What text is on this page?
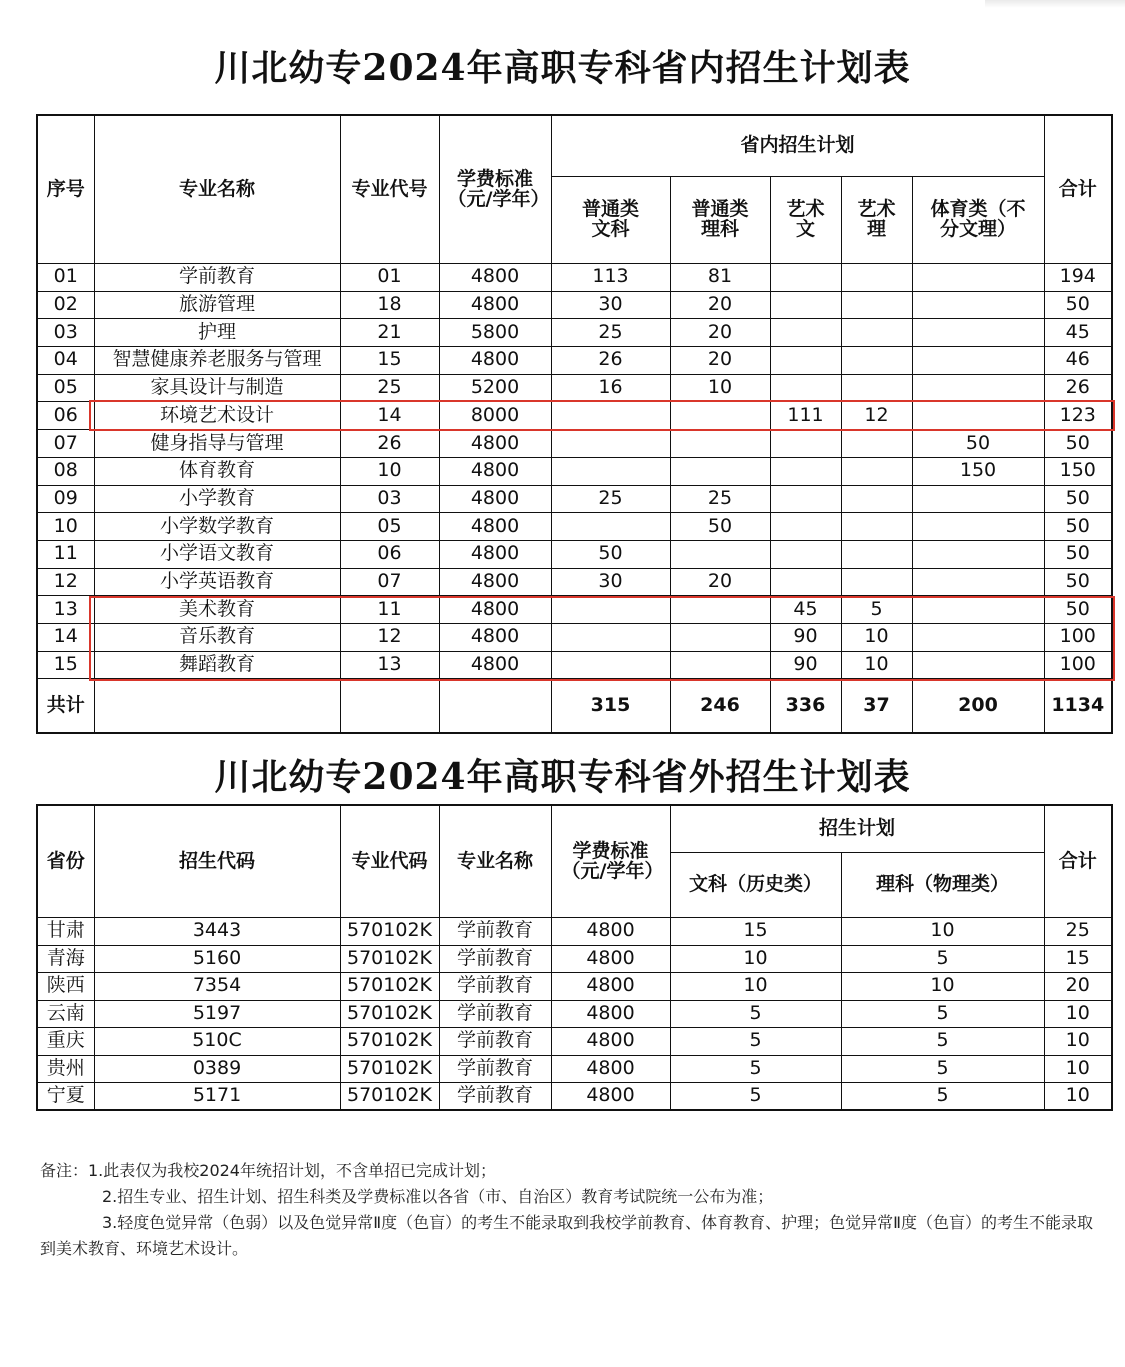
川北幼专2024年高职专科省内招生计划表
序号	专业名称	专业代号	学费标准（元/学年）	省内招生计划					合计
				普通类文科	普通类理科	艺术文	艺术理	体育类（不分文理）	
01	学前教育	01	4800	113	81				194
02	旅游管理	18	4800	30	20				50
03	护理	21	5800	25	20				45
04	智慧健康养老服务与管理	15	4800	26	20				46
05	家具设计与制造	25	5200	16	10				26
06	环境艺术设计	14	8000			111	12		123
07	健身指导与管理	26	4800					50	50
08	体育教育	10	4800					150	150
09	小学教育	03	4800	25	25				50
10	小学数学教育	05	4800		50				50
11	小学语文教育	06	4800	50					50
12	小学英语教育	07	4800	30	20				50
13	美术教育	11	4800			45	5		50
14	音乐教育	12	4800			90	10		100
15	舞蹈教育	13	4800			90	10		100
共计				315	246	336	37	200	1134
川北幼专2024年高职专科省外招生计划表
省份	招生代码	专业代码	专业名称	学费标准（元/学年）	招生计划		合计
					文科（历史类）	理科（物理类）	
甘肃	3443	570102K	学前教育	4800	15	10	25
青海	5160	570102K	学前教育	4800	10	5	15
陕西	7354	570102K	学前教育	4800	10	10	20
云南	5197	570102K	学前教育	4800	5	5	10
重庆	510C	570102K	学前教育	4800	5	5	10
贵州	0389	570102K	学前教育	4800	5	5	10
宁夏	5171	570102K	学前教育	4800	5	5	10

备注：1.此表仅为我校2024年统招计划，不含单招已完成计划；

2.招生专业、招生计划、招生科类及学费标准以各省（市、自治区）教育考试院统一公布为准；

3.轻度色觉异常（色弱）以及色觉异常Ⅱ度（色盲）的考生不能录取到我校学前教育、体育教育、护理；色觉异常Ⅱ度（色盲）的考生不能录取到美术教育、环境艺术设计。
